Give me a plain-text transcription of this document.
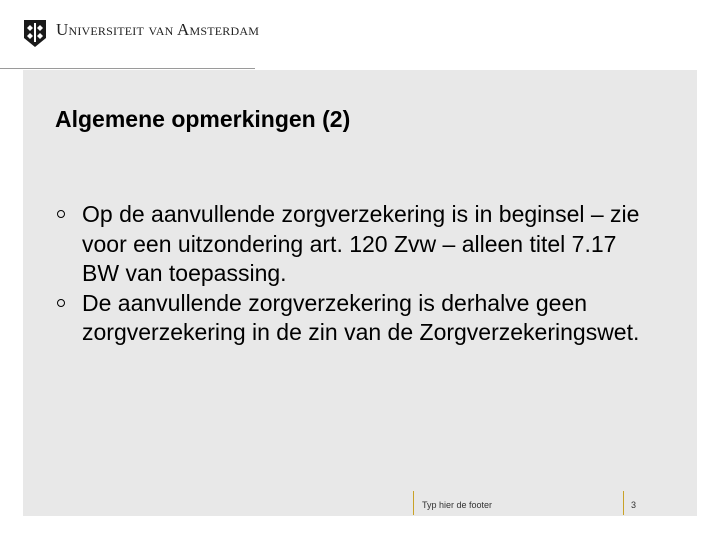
Universiteit van Amsterdam
Algemene opmerkingen (2)
Op de aanvullende zorgverzekering is in beginsel – zie voor een uitzondering art. 120 Zvw – alleen titel 7.17 BW van toepassing.
De aanvullende zorgverzekering is derhalve geen zorgverzekering in de zin van de Zorgverzekeringswet.
Typ hier de footer	3
